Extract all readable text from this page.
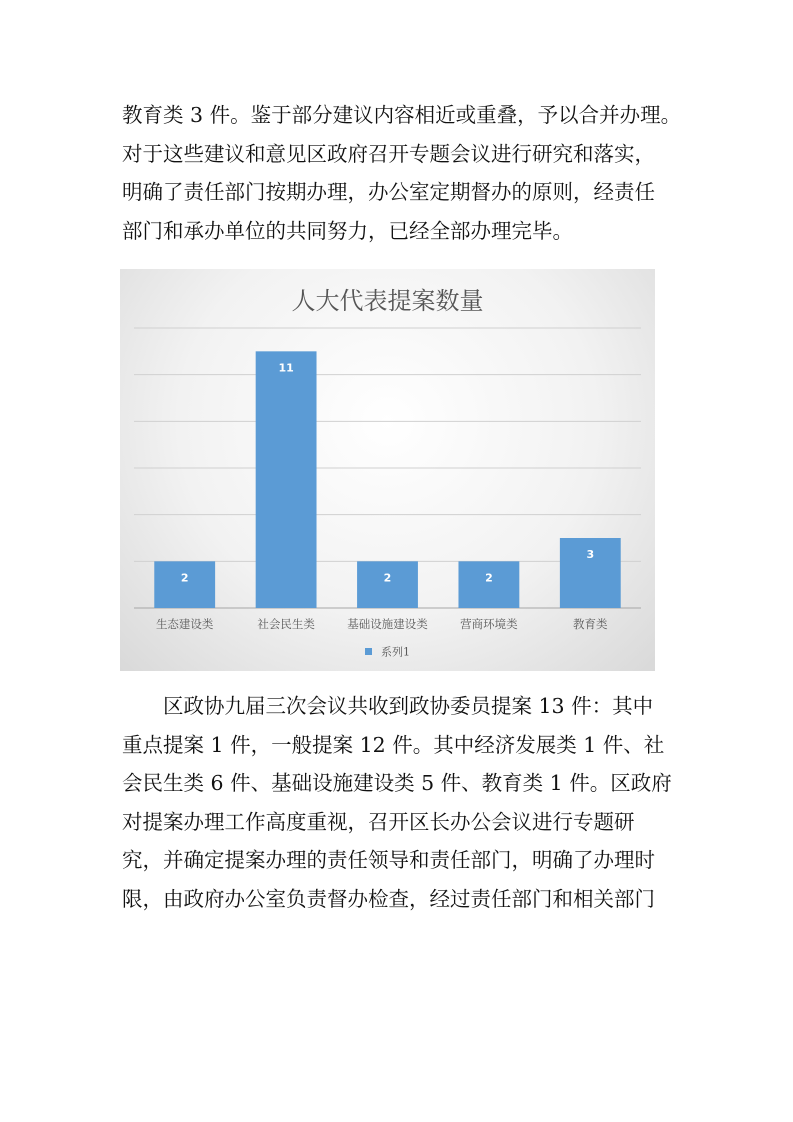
教育类 3 件。鉴于部分建议内容相近或重叠，予以合并办理。
对于这些建议和意见区政府召开专题会议进行研究和落实，
明确了责任部门按期办理，办公室定期督办的原则，经责任
部门和承办单位的共同努力，已经全部办理完毕。

2
生态建设类
11
社会民生类
2
基础设施建设类
2
营商环境类
3
教育类
人大代表提案数量
系列1

区政协九届三次会议共收到政协委员提案 13 件：其中
重点提案 1 件，一般提案 12 件。其中经济发展类 1 件、社
会民生类 6 件、基础设施建设类 5 件、教育类 1 件。区政府
对提案办理工作高度重视，召开区长办公会议进行专题研
究，并确定提案办理的责任领导和责任部门，明确了办理时
限，由政府办公室负责督办检查，经过责任部门和相关部门
